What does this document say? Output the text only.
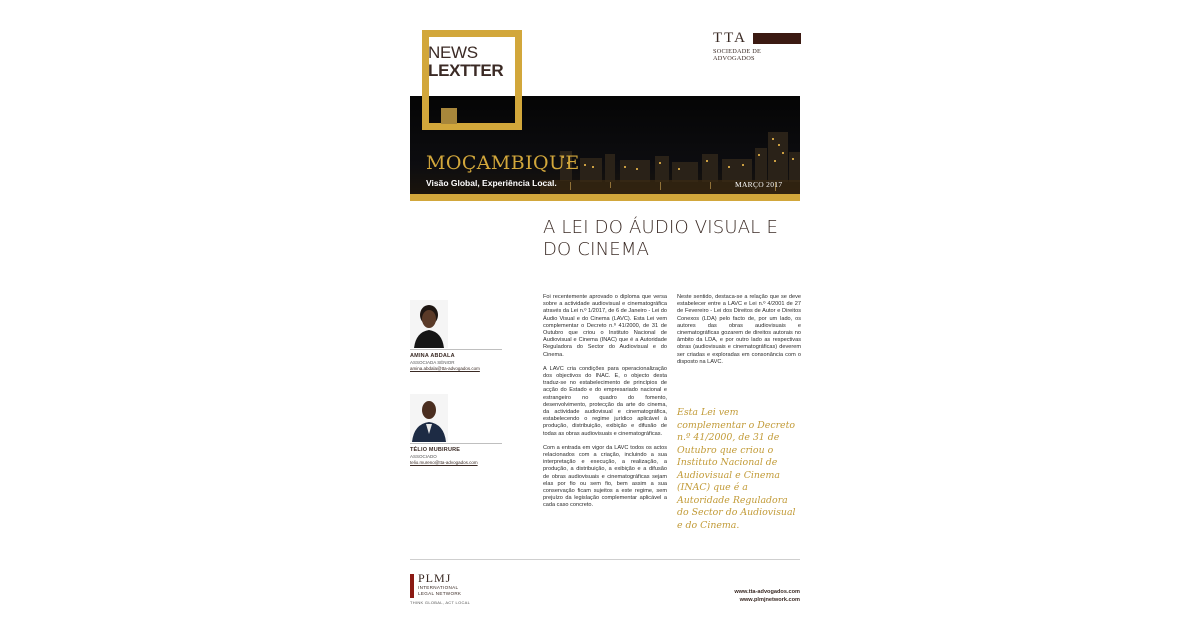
TTA
SOCIEDADE DE ADVOGADOS
NEWS
LEXTTER
MOÇAMBIQUE
Visão Global, Experiência Local.	MARÇO 2017
A LEI DO ÁUDIO VISUAL E DO CINEMA
AMINA ABDALA
ASSOCIADA SÉNIOR
amina.abdala@tta-advogados.com
TÉLIO MUBIRURE
ASSOCIADO
telio.mureno@tta-advogados.com

Foi recentemente aprovado o diploma que versa sobre a actividade audiovisual e cinematográfica através da Lei n.º 1/2017, de 6 de Janeiro - Lei do Áudio Visual e do Cinema (LAVC). Esta Lei vem complementar o Decreto n.º 41/2000, de 31 de Outubro que criou o Instituto Nacional de Audiovisual e Cinema (INAC) que é a Autoridade Reguladora do Sector do Audiovisual e do Cinema.

A LAVC cria condições para operacionalização dos objectivos do INAC. E, o objecto desta traduz-se no estabelecimento de princípios de acção do Estado e do empresariado nacional e estrangeiro no quadro do fomento, desenvolvimento, protecção da arte do cinema, da actividade audiovisual e cinematográfica, estabelecendo o regime jurídico aplicável à produção, distribuição, exibição e difusão de todas as obras audiovisuais e cinematográficas.

Com a entrada em vigor da LAVC todos os actos relacionados com a criação, incluindo a sua interpretação e execução, a realização, a produção, a distribuição, a exibição e a difusão de obras audiovisuais e cinematográficas sejam elas por fio ou sem fio, bem assim a sua conservação ficam sujeitos a este regime, sem prejuízo da legislação complementar aplicável a cada caso concreto.

Neste sentido, destaca-se a relação que se deve estabelecer entre a LAVC e Lei n.º 4/2001 de 27 de Fevereiro - Lei dos Direitos de Autor e Direitos Conexos (LDA) pelo facto de, por um lado, os autores das obras audiovisuais e cinematográficas gozarem de direitos autorais no âmbito da LDA, e por outro lado as respectivas obras (audiovisuais e cinematográficas) deverem ser criadas e exploradas em consonância com o disposto na LAVC.

Esta Lei vem complementar o Decreto n.º 41/2000, de 31 de Outubro que criou o Instituto Nacional de Audiovisual e Cinema (INAC) que é a Autoridade Reguladora do Sector do Audiovisual e do Cinema.
PLMJ
INTERNATIONAL
LEGAL NETWORK
THINK GLOBAL, ACT LOCAL
www.tta-advogados.com
www.plmjnetwork.com
